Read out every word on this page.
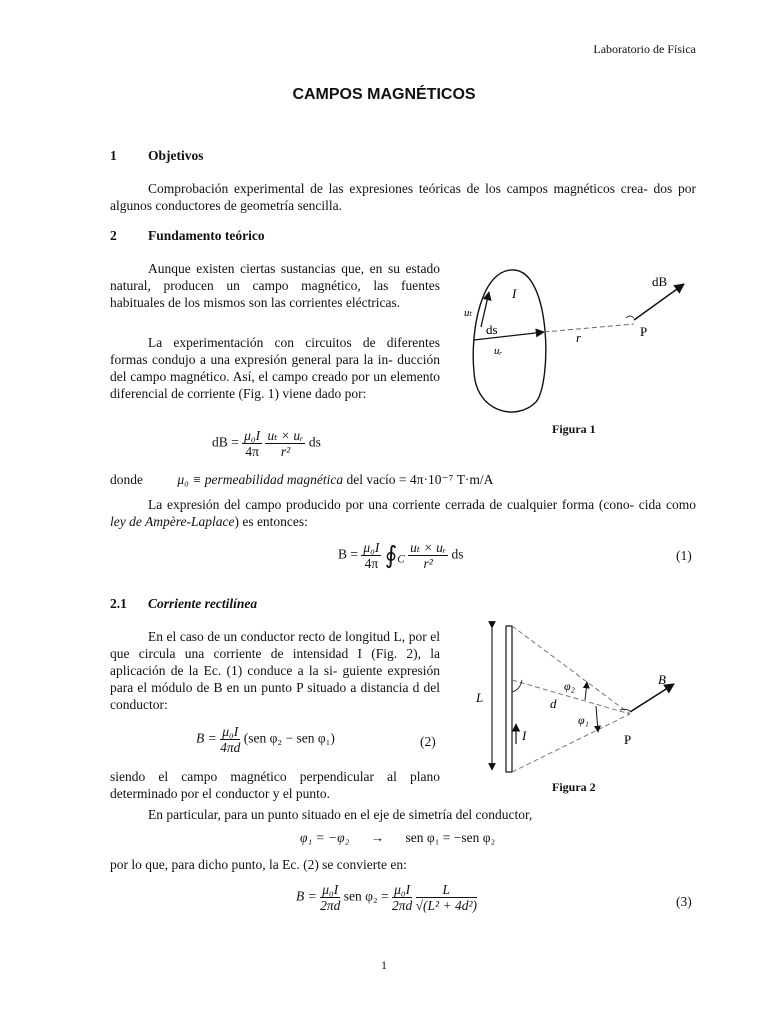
Laboratorio de Física
CAMPOS MAGNÉTICOS
1 Objetivos
Comprobación experimental de las expresiones teóricas de los campos magnéticos crea- dos por algunos conductores de geometría sencilla.
2 Fundamento teórico
Aunque existen ciertas sustancias que, en su estado natural, producen un campo magnético, las fuentes habituales de los mismos son las corrientes eléctricas.
La experimentación con circuitos de diferentes formas condujo a una expresión general para la in- ducción del campo magnético. Así, el campo creado por un elemento diferencial de corriente (Fig. 1) viene dado por:
dB = $\frac{\text{μ₀I}}{4\pi}$
$\frac{\text{uₜ × uᵣ}}{\text{r²}}$ ds
donde	μ₀ ≡ permeabilidad magnética del vacío = 4π·10⁻⁷ T·m/A
La expresión del campo producido por una corriente cerrada de cualquier forma (cono- cida como ley de Ampère-Laplace) es entonces:
$B = \frac{\text{μ₀I}}{4\pi}$ $∮_C \frac{\text{uₜ × uᵣ}}{\text{r²}}$ ds	(1)
2.1 Corriente rectilínea
En el caso de un conductor recto de longitud L, por el que circula una corriente de intensidad I (Fig. 2), la aplicación de la Ec. (1) conduce a la si- guiente expresión para el módulo de B en un punto P situado a distancia d del conductor:
$B = \frac{\text{μ₀I}}{4\pi d} (sen$ φ₂ − sen φ₁)	(2)
siendo el campo magnético perpendicular al plano determinado por el conductor y el punto.
En particular, para un punto situado en el eje de simetría del conductor,
φ₁ = −φ₂ → sen φ₁ = −sen φ₂
por lo que, para dicho punto, la Ec. (2) se convierte en:
$B = \frac{\text{μ₀I}}{2\pi d}$ sen $\varphi_2 = \frac{\text{μ₀I}}{2\pi d}$
$\frac{L}{\text{√(L² + 4d²)}}$	(3)
dB
I
uₜ
ds
uᵣ
r	P
Figura 1
L
I
d
φ₂
φ₁
B
P
Figura 2
1
